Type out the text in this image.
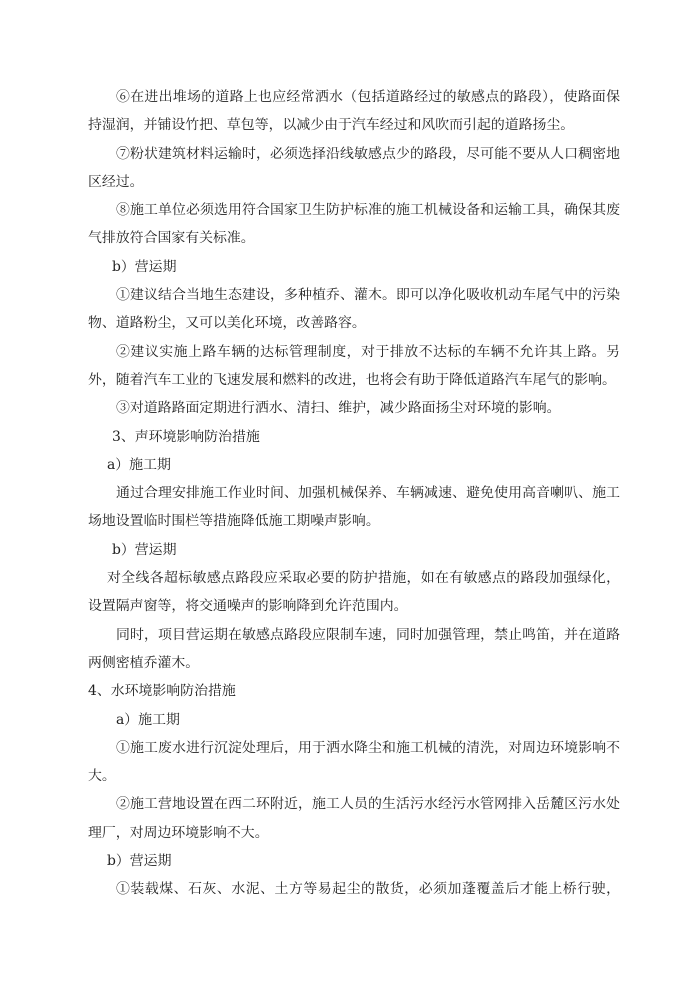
⑥在进出堆场的道路上也应经常洒水（包括道路经过的敏感点的路段），使路面保持湿润，并铺设竹把、草包等，以减少由于汽车经过和风吹而引起的道路扬尘。

⑦粉状建筑材料运输时，必须选择沿线敏感点少的路段，尽可能不要从人口稠密地区经过。

⑧施工单位必须选用符合国家卫生防护标准的施工机械设备和运输工具，确保其废气排放符合国家有关标准。

b）营运期

①建议结合当地生态建设，多种植乔、灌木。即可以净化吸收机动车尾气中的污染物、道路粉尘，又可以美化环境，改善路容。

②建议实施上路车辆的达标管理制度，对于排放不达标的车辆不允许其上路。另外，随着汽车工业的飞速发展和燃料的改进，也将会有助于降低道路汽车尾气的影响。

③对道路路面定期进行洒水、清扫、维护，减少路面扬尘对环境的影响。

3、声环境影响防治措施

a）施工期

通过合理安排施工作业时间、加强机械保养、车辆减速、避免使用高音喇叭、施工场地设置临时围栏等措施降低施工期噪声影响。

b）营运期

对全线各超标敏感点路段应采取必要的防护措施，如在有敏感点的路段加强绿化，设置隔声窗等，将交通噪声的影响降到允许范围内。

同时，项目营运期在敏感点路段应限制车速，同时加强管理，禁止鸣笛，并在道路两侧密植乔灌木。

4、水环境影响防治措施

a）施工期

①施工废水进行沉淀处理后，用于洒水降尘和施工机械的清洗，对周边环境影响不大。

②施工营地设置在西二环附近，施工人员的生活污水经污水管网排入岳麓区污水处理厂，对周边环境影响不大。

b）营运期

①装载煤、石灰、水泥、土方等易起尘的散货，必须加蓬覆盖后才能上桥行驶，
